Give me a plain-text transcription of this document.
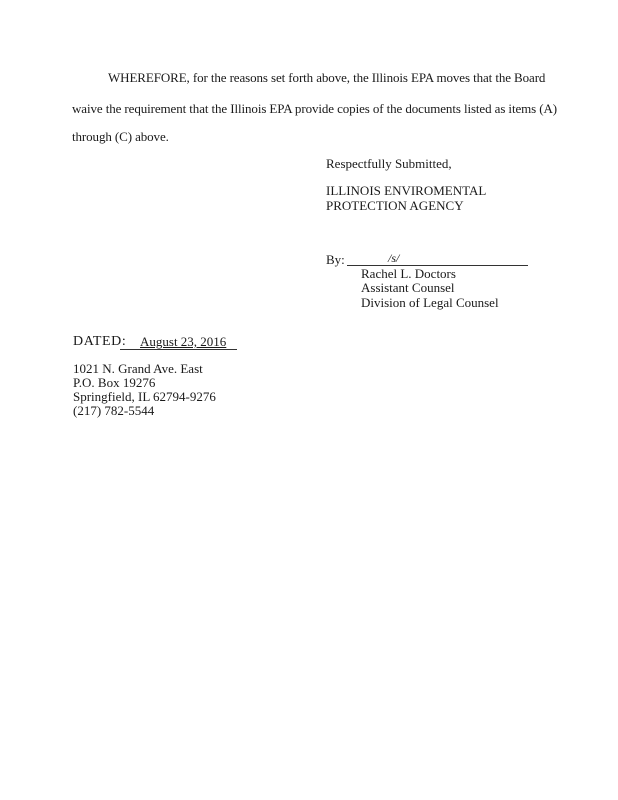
WHEREFORE, for the reasons set forth above, the Illinois EPA moves that the Board
waive the requirement that the Illinois EPA provide copies of the documents listed as items (A)
through (C) above.
Respectfully Submitted,
ILLINOIS ENVIROMENTAL
PROTECTION AGENCY
By:	/s/
Rachel L. Doctors
Assistant Counsel
Division of Legal Counsel
DATED: August 23, 2016
1021 N. Grand Ave. East
P.O. Box 19276
Springfield, IL 62794-9276
(217) 782-5544
